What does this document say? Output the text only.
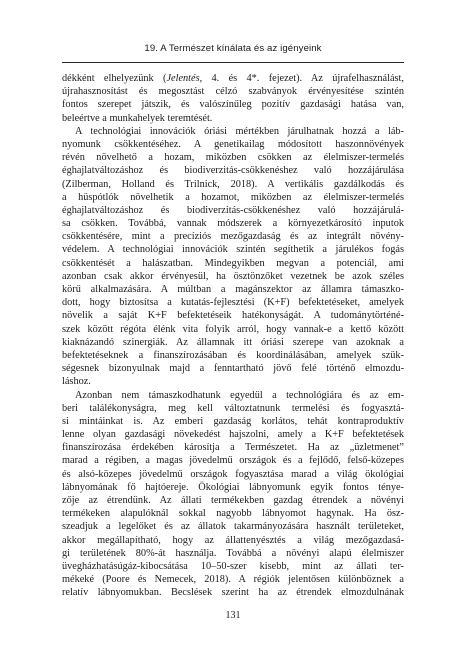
19. A Természet kínálata és az igényeink
dékként elhelyezünk (Jelentés, 4. és 4*. fejezet). Az újrafelhasználást,
újrahasznosítást és megosztást célzó szabványok érvényesítése szintén
fontos szerepet játszik, és valószínűleg pozitív gazdasági hatása van,
beleértve a munkahelyek teremtését.
A technológiai innovációk óriási mértékben járulhatnak hozzá a láb-
nyomunk csökkentéséhez. A genetikailag módosított haszonnövények
révén növelhető a hozam, miközben csökken az élelmiszer-termelés
éghajlatváltozáshoz és biodiverzitás-csökkenéshez való hozzájárulása
(Zilberman, Holland és Trilnick, 2018). A vertikális gazdálkodás és
a hüspótlók növelhetik a hozamot, miközben az élelmiszer-termelés
éghajlatváltozáshoz és biodiverzitás-csökkenéshez való hozzájárulá-
sa csökken. Továbbá, vannak módszerek a környezetkárosító inputok
csökkentésére, mint a precíziós mezőgazdaság és az integrált növény-
védelem. A technológiai innovációk szintén segíthetik a járulékos fogás
csökkentését a halászatban. Mindegyikben megvan a potenciál, ami
azonban csak akkor érvényesül, ha ösztönzőket vezetnek be azok széles
körű alkalmazására. A múltban a magánszektor az államra támaszko-
dott, hogy biztosítsa a kutatás-fejlesztési (K+F) befektetéseket, amelyek
növelik a saját K+F befektetéseik hatékonyságát. A tudománytörténé-
szek között régóta élénk vita folyik arról, hogy vannak-e a kettő között
kiaknázandó szinergiák. Az államnak itt óriási szerepe van azoknak a
befektetéseknek a finanszírozásában és koordinálásában, amelyek szük-
ségesnek bizonyulnak majd a fenntartható jövő felé történő elmozdu-
láshoz.
Azonban nem támaszkodhatunk egyedül a technológiára és az em-
beri találékonyságra, meg kell változtatnunk termelési és fogyasztá-
si mintáinkat is. Az emberi gazdaság korlátos, tehát kontraproduktív
lenne olyan gazdasági növekedést hajszolni, amely a K+F befektetések
finanszírozása érdekében károsítja a Természetet. Ha az „üzletmenet”
marad a régiben, a magas jövedelmű országok és a fejlődő, felső-közepes
és alsó-közepes jövedelmű országok fogyasztása marad a világ ökológiai
lábnyomának fő hajtóereje. Ökológiai lábnyomunk egyik fontos ténye-
zője az étrendünk. Az állati termékekben gazdag étrendek a növényi
termékeken alapulóknál sokkal nagyobb lábnyomot hagynak. Ha ösz-
szeadjuk a legelőket és az állatok takarmányozására használt területeket,
akkor megállapítható, hogy az állattenyésztés a világ mezőgazdasá-
gi területének 80%-át használja. Továbbá a növényi alapú élelmiszer
üvegházhatásúgáz-kibocsátása 10–50-szer kisebb, mint az állati ter-
mékeké (Poore és Nemecek, 2018). A régiók jelentősen különböznek a
relatív lábnyomukban. Becslések szerint ha az étrendek elmozdulnának
131
